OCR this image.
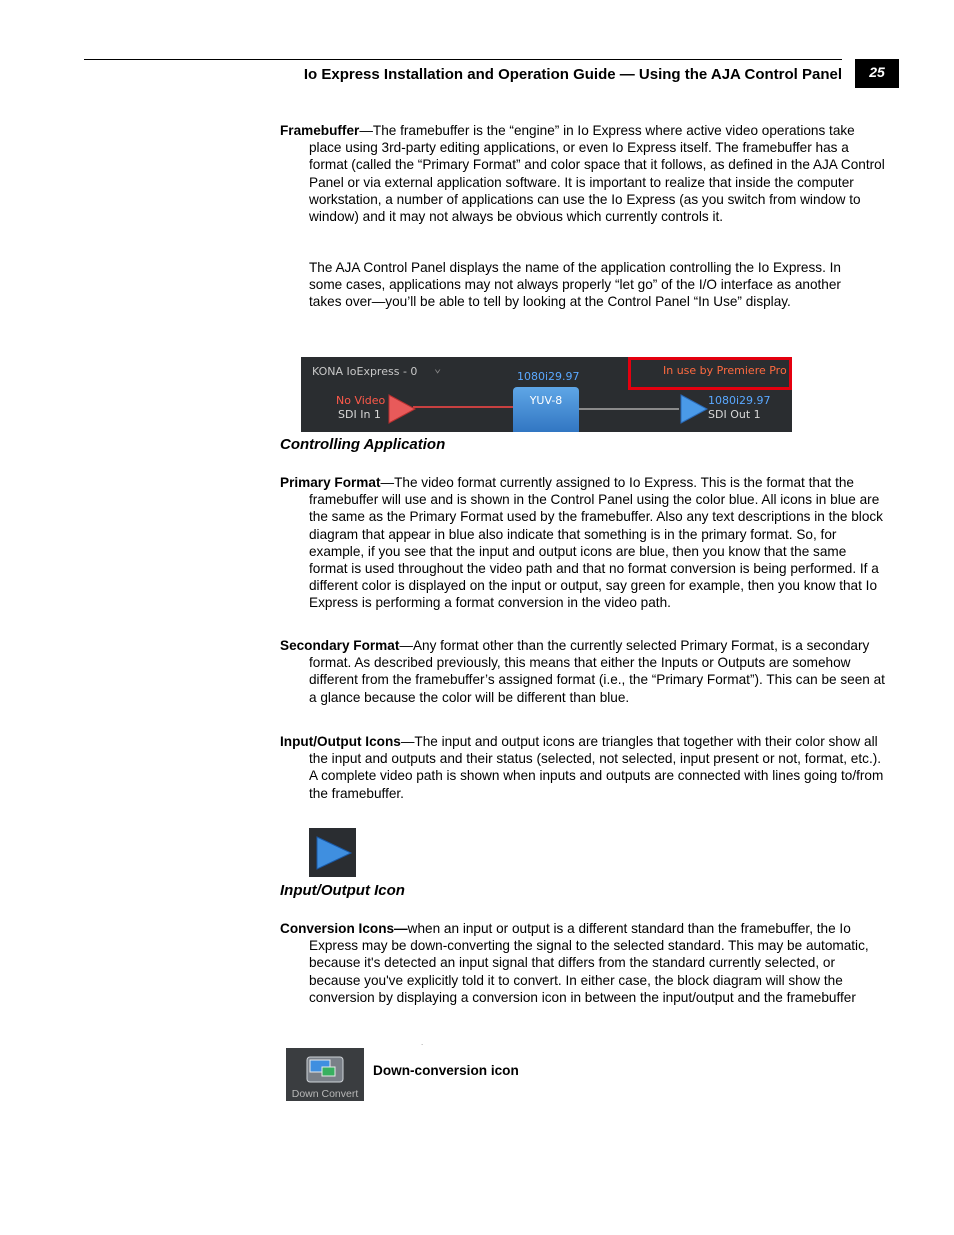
Io Express Installation and Operation Guide — Using the AJA Control Panel	25
Framebuffer—The framebuffer is the “engine” in Io Express where active video operations take place using 3rd-party editing applications, or even Io Express itself. The framebuffer has a format (called the “Primary Format” and color space that it follows, as defined in the AJA Control Panel or via external application software. It is important to realize that inside the computer workstation, a number of applications can use the Io Express (as you switch from window to window) and it may not always be obvious which currently controls it.
The AJA Control Panel displays the name of the application controlling the Io Express. In some cases, applications may not always properly “let go” of the I/O interface as another takes over—you’ll be able to tell by looking at the Control Panel “In Use” display.
KONA IoExpress - 0 ⌄
1080i29.97
YUV-8
No Video
SDI In 1
1080i29.97
SDI Out 1
In use by Premiere Pro
Controlling Application
Primary Format—The video format currently assigned to Io Express. This is the format that the framebuffer will use and is shown in the Control Panel using the color blue. All icons in blue are the same as the Primary Format used by the framebuffer. Also any text descriptions in the block diagram that appear in blue also indicate that something is in the primary format. So, for example, if you see that the input and output icons are blue, then you know that the same format is used throughout the video path and that no format conversion is being performed. If a different color is displayed on the input or output, say green for example, then you know that Io Express is performing a format conversion in the video path.
Secondary Format—Any format other than the currently selected Primary Format, is a secondary format. As described previously, this means that either the Inputs or Outputs are somehow different from the framebuffer’s assigned format (i.e., the “Primary Format”). This can be seen at a glance because the color will be different than blue.
Input/Output Icons—The input and output icons are triangles that together with their color show all the input and outputs and their status (selected, not selected, input present or not, format, etc.). A complete video path is shown when inputs and outputs are connected with lines going to/from the framebuffer.
Input/Output Icon
Conversion Icons—when an input or output is a different standard than the framebuffer, the Io Express may be down-converting the signal to the selected standard. This may be automatic, because it's detected an input signal that differs from the standard currently selected, or because you've explicitly told it to convert. In either case, the block diagram will show the conversion by displaying a conversion icon in between the input/output and the framebuffer
.
Down Convert
Down-conversion icon
